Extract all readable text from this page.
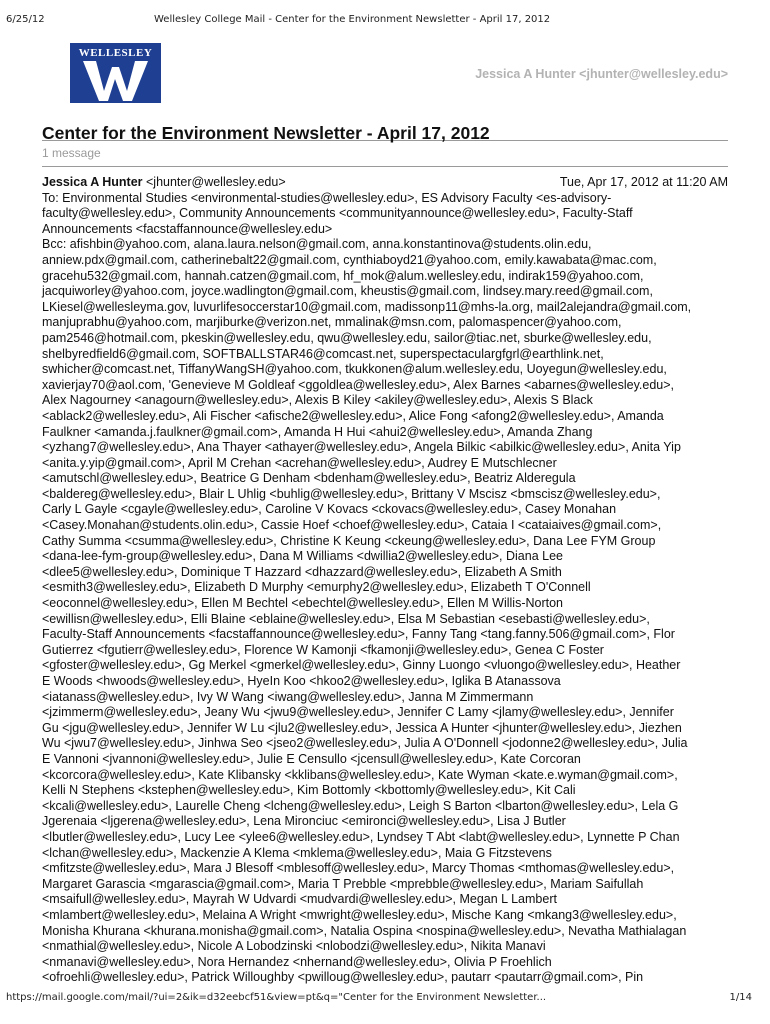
6/25/12	Wellesley College Mail - Center for the Environment Newsletter - April 17, 2012
WELLESLEY
Jessica A Hunter <jhunter@wellesley.edu>
Center for the Environment Newsletter - April 17, 2012
1 message
Jessica A Hunter <jhunter@wellesley.edu>	Tue, Apr 17, 2012 at 11:20 AM
To: Environmental Studies <environmental-studies@wellesley.edu>, ES Advisory Faculty <es-advisory-
faculty@wellesley.edu>, Community Announcements <communityannounce@wellesley.edu>, Faculty-Staff
Announcements <facstaffannounce@wellesley.edu>
Bcc: afishbin@yahoo.com, alana.laura.nelson@gmail.com, anna.konstantinova@students.olin.edu,
anniew.pdx@gmail.com, catherinebalt22@gmail.com, cynthiaboyd21@yahoo.com, emily.kawabata@mac.com,
gracehu532@gmail.com, hannah.catzen@gmail.com, hf_mok@alum.wellesley.edu, indirak159@yahoo.com,
jacquiworley@yahoo.com, joyce.wadlington@gmail.com, kheustis@gmail.com, lindsey.mary.reed@gmail.com,
LKiesel@wellesleyma.gov, luvurlifesoccerstar10@gmail.com, madissonp11@mhs-la.org, mail2alejandra@gmail.com,
manjuprabhu@yahoo.com, marjiburke@verizon.net, mmalinak@msn.com, palomaspencer@yahoo.com,
pam2546@hotmail.com, pkeskin@wellesley.edu, qwu@wellesley.edu, sailor@tiac.net, sburke@wellesley.edu,
shelbyredfield6@gmail.com, SOFTBALLSTAR46@comcast.net, superspectaculargfgrl@earthlink.net,
swhicher@comcast.net, TiffanyWangSH@yahoo.com, tkukkonen@alum.wellesley.edu, Uoyegun@wellesley.edu,
xavierjay70@aol.com, 'Genevieve M Goldleaf <ggoldlea@wellesley.edu>, Alex Barnes <abarnes@wellesley.edu>,
Alex Nagourney <anagourn@wellesley.edu>, Alexis B Kiley <akiley@wellesley.edu>, Alexis S Black
<ablack2@wellesley.edu>, Ali Fischer <afische2@wellesley.edu>, Alice Fong <afong2@wellesley.edu>, Amanda
Faulkner <amanda.j.faulkner@gmail.com>, Amanda H Hui <ahui2@wellesley.edu>, Amanda Zhang
<yzhang7@wellesley.edu>, Ana Thayer <athayer@wellesley.edu>, Angela Bilkic <abilkic@wellesley.edu>, Anita Yip
<anita.y.yip@gmail.com>, April M Crehan <acrehan@wellesley.edu>, Audrey E Mutschlecner
<amutschl@wellesley.edu>, Beatrice G Denham <bdenham@wellesley.edu>, Beatriz Alderegula
<baldereg@wellesley.edu>, Blair L Uhlig <buhlig@wellesley.edu>, Brittany V Mscisz <bmscisz@wellesley.edu>,
Carly L Gayle <cgayle@wellesley.edu>, Caroline V Kovacs <ckovacs@wellesley.edu>, Casey Monahan
<Casey.Monahan@students.olin.edu>, Cassie Hoef <choef@wellesley.edu>, Cataia I <cataiaives@gmail.com>,
Cathy Summa <csumma@wellesley.edu>, Christine K Keung <ckeung@wellesley.edu>, Dana Lee FYM Group
<dana-lee-fym-group@wellesley.edu>, Dana M Williams <dwillia2@wellesley.edu>, Diana Lee
<dlee5@wellesley.edu>, Dominique T Hazzard <dhazzard@wellesley.edu>, Elizabeth A Smith
<esmith3@wellesley.edu>, Elizabeth D Murphy <emurphy2@wellesley.edu>, Elizabeth T O'Connell
<eoconnel@wellesley.edu>, Ellen M Bechtel <ebechtel@wellesley.edu>, Ellen M Willis-Norton
<ewillisn@wellesley.edu>, Elli Blaine <eblaine@wellesley.edu>, Elsa M Sebastian <esebasti@wellesley.edu>,
Faculty-Staff Announcements <facstaffannounce@wellesley.edu>, Fanny Tang <tang.fanny.506@gmail.com>, Flor
Gutierrez <fgutierr@wellesley.edu>, Florence W Kamonji <fkamonji@wellesley.edu>, Genea C Foster
<gfoster@wellesley.edu>, Gg Merkel <gmerkel@wellesley.edu>, Ginny Luongo <vluongo@wellesley.edu>, Heather
E Woods <hwoods@wellesley.edu>, HyeIn Koo <hkoo2@wellesley.edu>, Iglika B Atanassova
<iatanass@wellesley.edu>, Ivy W Wang <iwang@wellesley.edu>, Janna M Zimmermann
<jzimmerm@wellesley.edu>, Jeany Wu <jwu9@wellesley.edu>, Jennifer C Lamy <jlamy@wellesley.edu>, Jennifer
Gu <jgu@wellesley.edu>, Jennifer W Lu <jlu2@wellesley.edu>, Jessica A Hunter <jhunter@wellesley.edu>, Jiezhen
Wu <jwu7@wellesley.edu>, Jinhwa Seo <jseo2@wellesley.edu>, Julia A O'Donnell <jodonne2@wellesley.edu>, Julia
E Vannoni <jvannoni@wellesley.edu>, Julie E Censullo <jcensull@wellesley.edu>, Kate Corcoran
<kcorcora@wellesley.edu>, Kate Klibansky <kklibans@wellesley.edu>, Kate Wyman <kate.e.wyman@gmail.com>,
Kelli N Stephens <kstephen@wellesley.edu>, Kim Bottomly <kbottomly@wellesley.edu>, Kit Cali
<kcali@wellesley.edu>, Laurelle Cheng <lcheng@wellesley.edu>, Leigh S Barton <lbarton@wellesley.edu>, Lela G
Jgerenaia <ljgerena@wellesley.edu>, Lena Mironciuc <emironci@wellesley.edu>, Lisa J Butler
<lbutler@wellesley.edu>, Lucy Lee <ylee6@wellesley.edu>, Lyndsey T Abt <labt@wellesley.edu>, Lynnette P Chan
<lchan@wellesley.edu>, Mackenzie A Klema <mklema@wellesley.edu>, Maia G Fitzstevens
<mfitzste@wellesley.edu>, Mara J Blesoff <mblesoff@wellesley.edu>, Marcy Thomas <mthomas@wellesley.edu>,
Margaret Garascia <mgarascia@gmail.com>, Maria T Prebble <mprebble@wellesley.edu>, Mariam Saifullah
<msaifull@wellesley.edu>, Mayrah W Udvardi <mudvardi@wellesley.edu>, Megan L Lambert
<mlambert@wellesley.edu>, Melaina A Wright <mwright@wellesley.edu>, Mische Kang <mkang3@wellesley.edu>,
Monisha Khurana <khurana.monisha@gmail.com>, Natalia Ospina <nospina@wellesley.edu>, Nevatha Mathialagan
<nmathial@wellesley.edu>, Nicole A Lobodzinski <nlobodzi@wellesley.edu>, Nikita Manavi
<nmanavi@wellesley.edu>, Nora Hernandez <nhernand@wellesley.edu>, Olivia P Froehlich
<ofroehli@wellesley.edu>, Patrick Willoughby <pwilloug@wellesley.edu>, pautarr <pautarr@gmail.com>, Pin
https://mail.google.com/mail/?ui=2&ik=d32eebcf51&view=pt&q="Center for the Environment Newsletter...	1/14
